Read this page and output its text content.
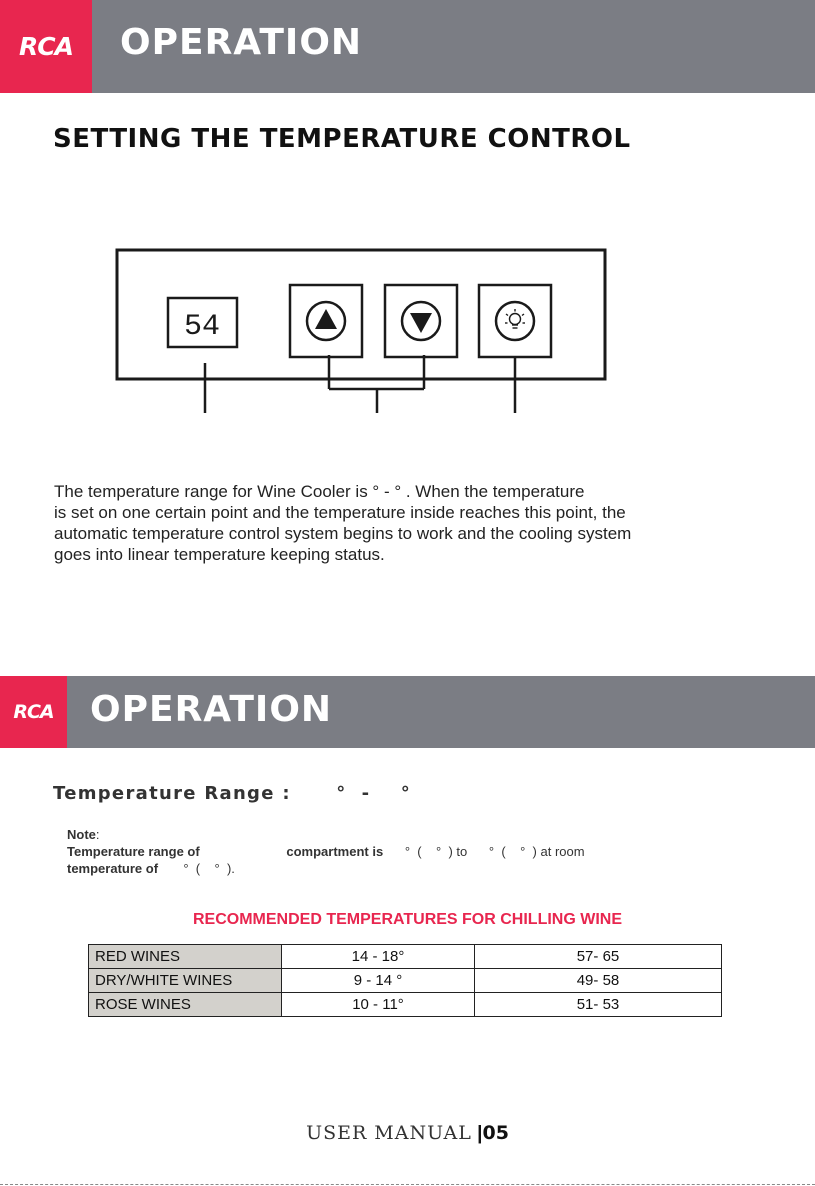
RCA OPERATION
SETTING THE TEMPERATURE CONTROL
54

The temperature range for Wine Cooler is ° - ° . When the temperature

is set on one certain point and the temperature inside reaches this point, the

automatic temperature control system begins to work and the cooling system

goes into linear temperature keeping status.

RCA OPERATION
Temperature Range :      °  -    °
Note:
Temperature range of	compartment is °  (    °  ) to      °  (    °  ) at room
temperature of °  (    °  ).
RECOMMENDED TEMPERATURES FOR CHILLING WINE
RED WINES	14 - 18°	57- 65
DRY/WHITE WINES	9 - 14 °	49- 58
ROSE WINES	10 - 11°	51- 53
USER MANUAL |05
